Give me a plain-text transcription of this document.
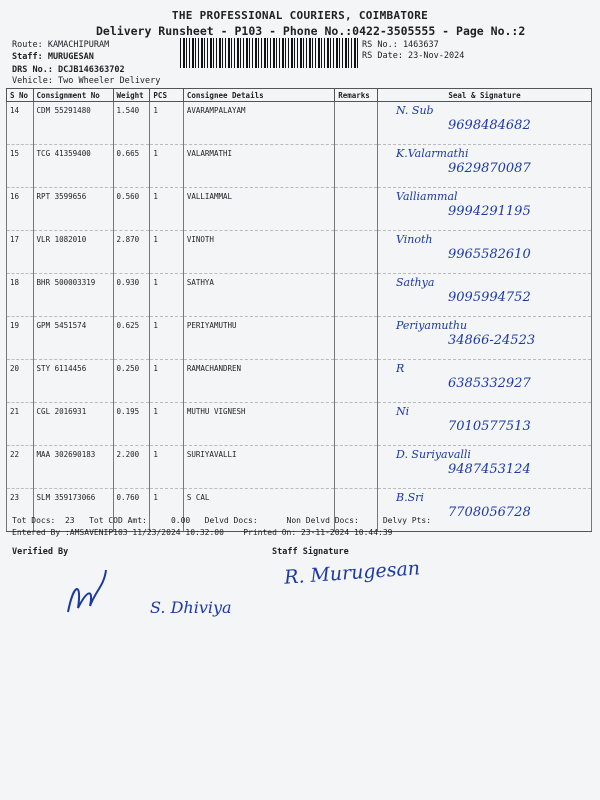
THE PROFESSIONAL COURIERS, COIMBATORE
Delivery Runsheet - P103 - Phone No.:0422-3505555 - Page No.:2
Route: KAMACHIPURAM
Staff: MURUGESAN
DRS No.: DCJB146363702
Vehicle: Two Wheeler Delivery
RS No.: 1463637
RS Date: 23-Nov-2024
S No	Consignment No	Weight	PCS	Consignee Details	Remarks	Seal & Signature
14	CDM 55291480	1.540	1	AVARAMPALAYAM		N. Sub
9698484682

15	TCG 41359400	0.665	1	VALARMATHI		K.Valarmathi
9629870087

16	RPT 3599656	0.560	1	VALLIAMMAL		Valliammal
9994291195

17	VLR 1082010	2.870	1	VINOTH		Vinoth
9965582610

18	BHR 500003319	0.930	1	SATHYA		Sathya
9095994752

19	GPM 5451574	0.625	1	PERIYAMUTHU		Periyamuthu
34866-24523

20	STY 6114456	0.250	1	RAMACHANDREN		R
6385332927

21	CGL 2016931	0.195	1	MUTHU VIGNESH		Ni
7010577513

22	MAA 302690183	2.200	1	SURIYAVALLI		D. Suriyavalli
9487453124

23	SLM 359173066	0.760	1	S CAL		B.Sri
7708056728
Tot Docs:  23   Tot COD Amt:     0.00   Delvd Docs:      Non Delvd Docs:     Delvy Pts:
Entered By :AMSAVENIP103 11/23/2024 10:32:00    Printed On: 23-11-2024 10:44:39
Verified By	Staff Signature
R. Murugesan
S. Dhiviya
